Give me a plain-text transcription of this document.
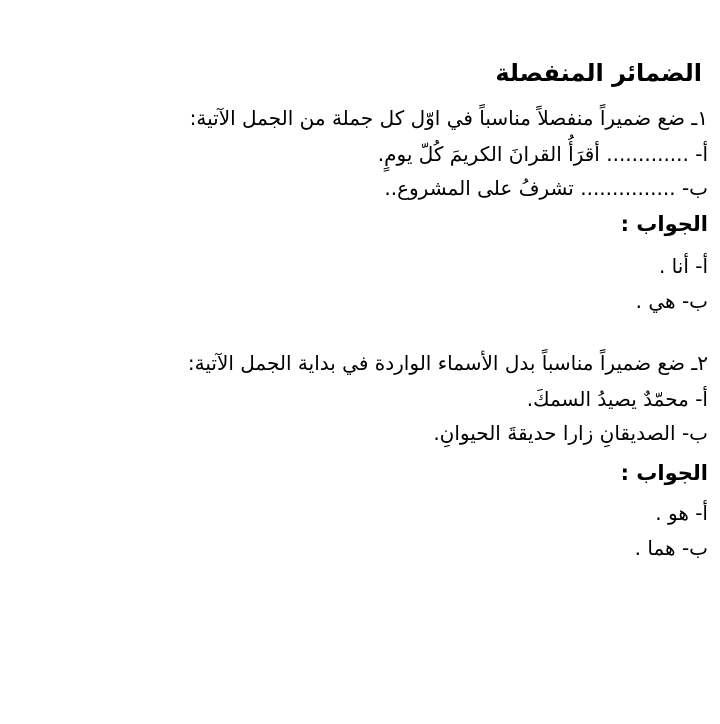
الضمائر المنفصلة
١ـ ضع ضميراً منفصلاً مناسباً في اوّل كل جملة من الجمل الآتية:
أ- ............. أقرَأُ القرانَ الكريمَ كُلّ يومٍ.
ب- ............... تشرفُ على المشروع..
الجواب :
أ- أنا .
ب- هي .
٢ـ ضع ضميراً مناسباً بدل الأسماء الواردة في بداية الجمل الآتية:
أ- محمّدٌ يصيدُ السمكَ.
ب- الصديقانِ زارا حديقةَ الحيوانِ.
الجواب :
أ- هو .
ب- هما .
